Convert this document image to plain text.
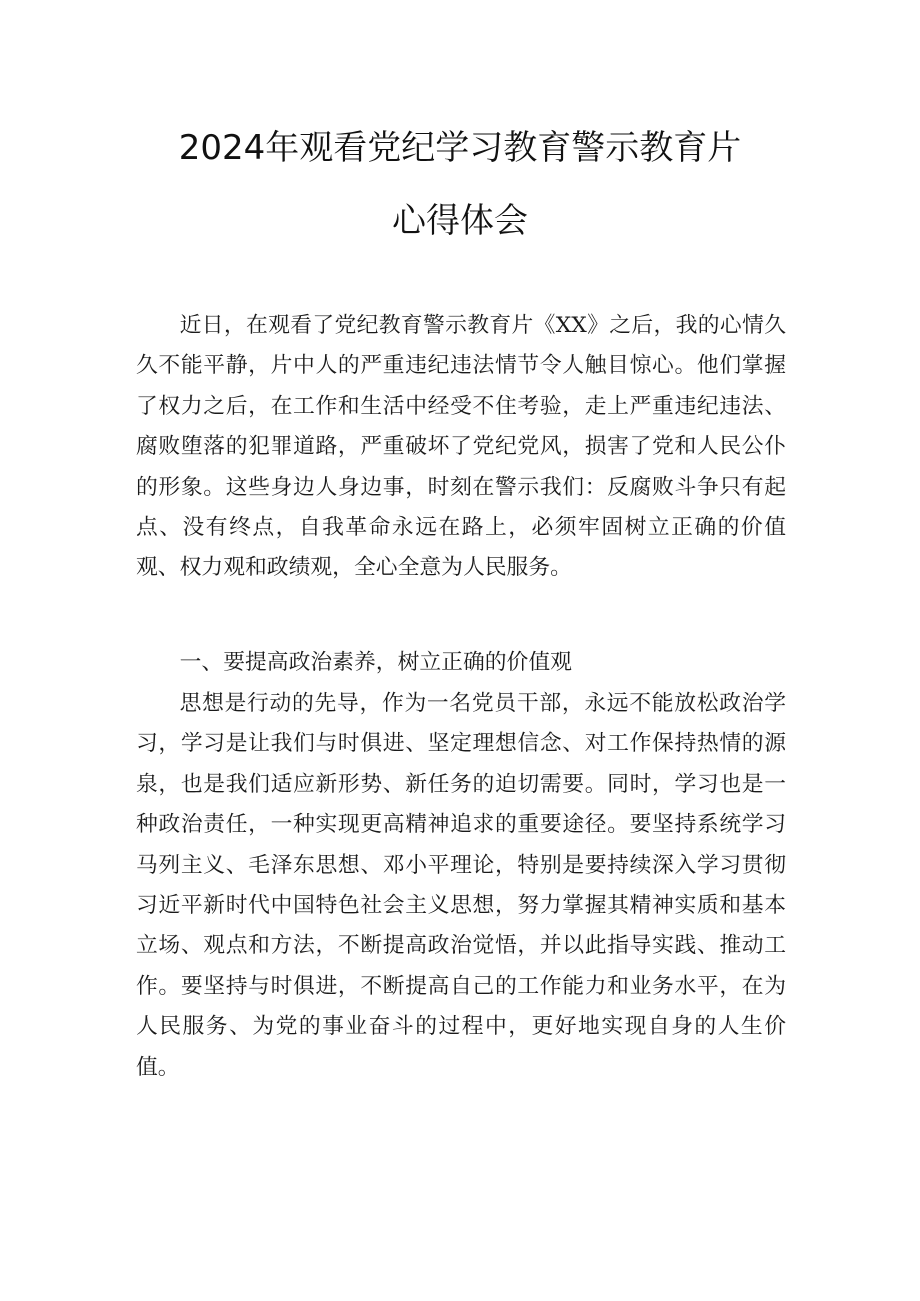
2024年观看党纪学习教育警示教育片
心得体会

近日，在观看了党纪教育警示教育片《XX》之后，我的心情久久不能平静，片中人的严重违纪违法情节令人触目惊心。他们掌握了权力之后，在工作和生活中经受不住考验，走上严重违纪违法、腐败堕落的犯罪道路，严重破坏了党纪党风，损害了党和人民公仆的形象。这些身边人身边事，时刻在警示我们：反腐败斗争只有起点、没有终点，自我革命永远在路上，必须牢固树立正确的价值观、权力观和政绩观，全心全意为人民服务。

一、要提高政治素养，树立正确的价值观

思想是行动的先导，作为一名党员干部，永远不能放松政治学习，学习是让我们与时俱进、坚定理想信念、对工作保持热情的源泉，也是我们适应新形势、新任务的迫切需要。同时，学习也是一种政治责任，一种实现更高精神追求的重要途径。要坚持系统学习马列主义、毛泽东思想、邓小平理论，特别是要持续深入学习贯彻习近平新时代中国特色社会主义思想，努力掌握其精神实质和基本立场、观点和方法，不断提高政治觉悟，并以此指导实践、推动工作。要坚持与时俱进，不断提高自己的工作能力和业务水平，在为人民服务、为党的事业奋斗的过程中，更好地实现自身的人生价值。
